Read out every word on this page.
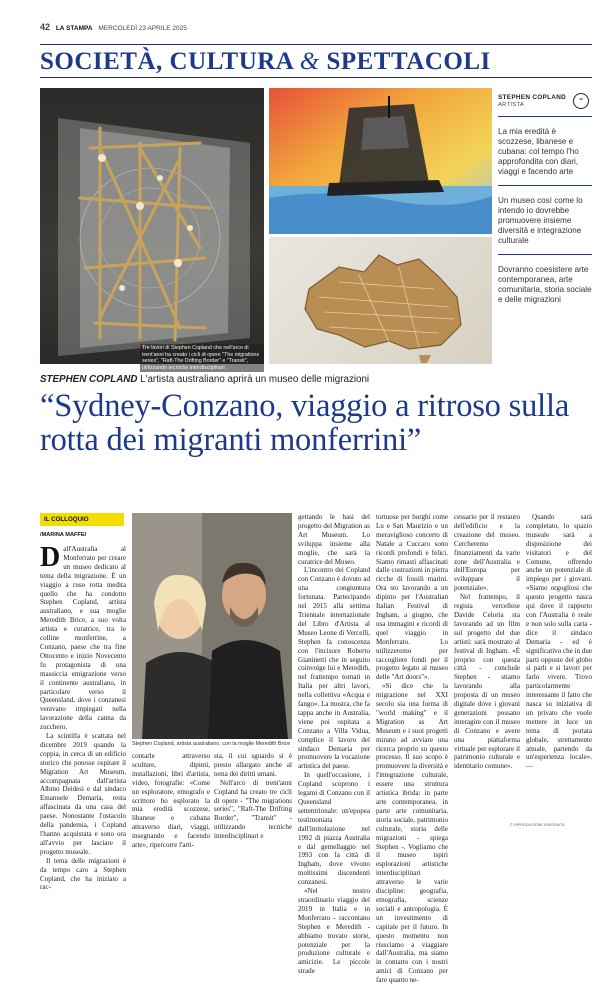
42 LA STAMPA MERCOLEDÌ 23 APRILE 2025
SOCIETÀ, CULTURA & SPETTACOLI
Tre lavori di Stephen Copland che nell'arco di trent'anni ha creato i cicli di opere "The migrations series", "Raft-The Drifting Border" e "Transit", utilizzando tecniche interdisciplinari
STEPHEN COPLAND
ARTISTA	“
La mia eredità è scozzese, libanese e cubana: col tempo l'ho approfondita con diari, viaggi e facendo arte
Un museo così come lo intendo io dovrebbe promuovere insieme diversità e integrazione culturale
Dovranno coesistere arte contemporanea, arte comunitaria, storia sociale e delle migrazioni
STEPHEN COPLAND L'artista australiano aprirà un museo delle migrazioni
“Sydney-Conzano, viaggio a ritroso sulla rotta dei migranti monferrini”
IL COLLOQUIO
/MARINA MAFFEI

Dall'Australia al Monferrato per creare un museo dedicato al tema della migrazione. È un viaggio a ruso rotta inedita quello che ha condotto Stephen Copland, artista australiano, e sua moglie Meredith Brice, a suo volta artista e curatrice, tra le colline monferrine, a Conzano, paese che tra fine Ottocento e inizio Novecento fu protagonista di una massiccia emigrazione verso il continente australiano, in particolare verso il Queensland, dove i conzanesi venivano impiegati nella lavorazione della canna da zucchero.

La scintilla è scattata nel dicembre 2019 quando la coppia, in cerca di un edificio storico che potesse ospitare il Migration Art Museum, accompagnata dall'artista Albino Deidesi e dal sindaco Emanuele Demaria, resta affascinata da una casa del paese. Nonostante l'ostacolo della pandemia, i Copland l'hanno acquistata e sono ora all'avvio per lasciare il progetto museale.

Il tema delle migrazioni è da tempo caro a Stephen Copland, che ha iniziato a rac-

Stephen Copland, artista australiano, con la moglie Meredith Brice

contarle attraverso sculture, dipinti, installazioni, libri d'artista, video, fotografie: «Come un esploratore, etnografo e scrittore ho esplorato la mia eredità scozzese, libanese e cubana attraverso diari, viaggi, insegnando e facendo arte», ripercorre l'arti-

sta, il cui sguardo si è presto allargato anche al tema dei diritti umani.

Nell'arco di trent'anni Copland ha creato tre cicli di opere - "The migrations series", "Raft-The Drifting Border", "Transit" - utilizzando tecniche interdisciplinari e

gettando le basi del progetto del Migration as Art Museum. Lo sviluppa insieme alla moglie, che sarà la curatrice del Museo.

L'incontro dei Copland con Conzano è dovuto ad una congiuntura fortunata. Partecipando nel 2015 alla settima Triennale internazionale del Libro d'Artista al Museo Leone di Vercelli, Stephen fa conoscenza con l'incisore Roberto Gianinetti che in seguito coinvolge lui e Meredith, nel frattempo tornati in Italia per altri lavori, nella collettiva «Acqua e fango». La mostra, che fa tappa anche in Australia, viene poi ospitata a Conzano a Villa Vidua, complice il lavoro del sindaco Demaria per promuovere la vocazione artistica del paese.

In quell'occasione, i Copland scoprono i legami di Conzano con il Queensland settentrionale: un'epopea testimoniata dall'intitolazione nel 1992 di piazza Australia e dal gemellaggio nel 1993 con la città di Ingham, dove vivono moltissimi discendenti conzanesi.

«Nel nostro straordinario viaggio del 2019 in Italia e in Monferrato - raccontano Stephen e Meredith - abbiamo trovato storie, potenziale per la produzione culturale e amicizie. Le piccole strade

tortuose per borghi come Lu e San Maurizio e un meraviglioso concerto di Natale a Cuccaro sono ricordi profondi e felici. Siamo rimasti affascinati dalle costruzioni in pietra ricche di fossili marini. Ora sto lavorando a un dipinto per l'Australian Italian Festival di Ingham, a giugno, che usa immagini e ricordi di quel viaggio in Monferrato. Lo utilizzeremo per raccogliere fondi per il progetto legato al museo delle "Art doors"».

«Si dice che la migrazione nel XXI secolo sia una forma di "world making" e il Migration as Art Museum e i suoi progetti mirano ad avviare una ricerca proprio su questo processo. Il suo scopo è promuovere la diversità e l'integrazione culturale, essere una struttura artistica ibrida: in parte arte contemporanea, in parte arte comunitaria, storia sociale, patrimonio culturale, storia delle migrazioni - spiega Stephen -. Vogliamo che il museo ispiri esplorazioni artistiche interdisciplinari attraverso le varie discipline: geografia, etnografia, scienze sociali e antropologia. È un investimento di capitale per il futuro. In questo momento non riusciamo a viaggiare dall'Australia, ma siamo in contatto con i nostri amici di Conzano per fare quanto ne-

cessario per il restauro dell'edificio e la creazione del museo. Cercheremo finanziamenti da varie zone dell'Australia e dell'Europa per sviluppare il potenziale».

Nel frattempo, il regista vercellese Davide Celoria sta lavorando ad un film sul progetto del due artisti: sarà mostrato al festival di Ingham. «È proprio con questa città - conclude Stephen - stiamo lavorando alla proposta di un museo digitale dove i giovani generazioni possano interagire con il museo di Conzano e avere una piattaforma virtuale per esplorare il patrimonio culturale e identitario comune».

Quando sarà completato, lo spazio museale sarà a disposizione dei visitatori e del Comune, offrendo anche un potenziale di impiego per i giovani. «Siamo orgogliosi che questo progetto nasca qui dove il rapporto con l'Australia è reale e non solo sulla carta - dice il sindaco Demaria - ed è significativo che in due parti opposte del globo si parli e si lavori per farlo vivere. Trovo particolarmente interessante il fatto che nasca su iniziativa di un privato che vuole mettere in luce un tema di portata globale, strettamente attuale, partendo da un'esperienza locale». —

© RIPRODUZIONE RISERVATA
